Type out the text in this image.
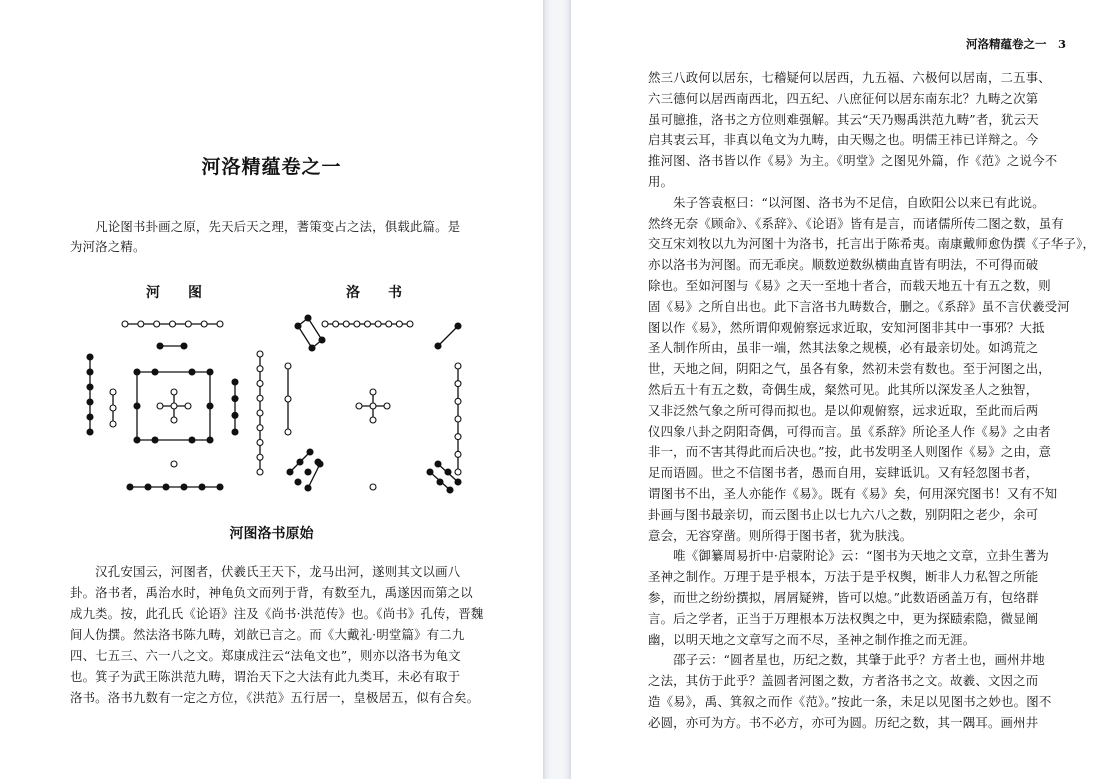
河洛精蕴卷之一
　　凡论图书卦画之原，先天后天之理，蓍策变占之法，俱载此篇。是
为河洛之精。
河　　图	洛　　书
河图洛书原始
　　汉孔安国云，河图者，伏羲氏王天下，龙马出河，遂则其文以画八
卦。洛书者，禹治水时，神龟负文而列于背，有数至九，禹遂因而第之以
成九类。按，此孔氏《论语》注及《尚书·洪范传》也。《尚书》孔传，晋魏
间人伪撰。然法洛书陈九畴，刘歆已言之。而《大戴礼·明堂篇》有二九
四、七五三、六一八之文。郑康成注云“法龟文也”，则亦以洛书为龟文
也。箕子为武王陈洪范九畴，谓治天下之大法有此九类耳，未必有取于
洛书。洛书九数有一定之方位，《洪范》五行居一，皇极居五，似有合矣。
河洛精蕴卷之一　3
然三八政何以居东，七稽疑何以居西，九五福、六极何以居南，二五事、
六三德何以居西南西北，四五纪、八庶征何以居东南东北？九畴之次第
虽可臆推，洛书之方位则难强解。其云“天乃赐禹洪范九畴”者，犹云天
启其衷云耳，非真以龟文为九畴，由天赐之也。明儒王祎已详辩之。今
推河图、洛书皆以作《易》为主。《明堂》之图见外篇，作《范》之说今不
用。
　　朱子答袁枢曰：“以河图、洛书为不足信，自欧阳公以来已有此说。
然终无奈《顾命》、《系辞》、《论语》皆有是言，而诸儒所传二图之数，虽有
交互宋刘牧以九为河图十为洛书，托言出于陈希夷。南康戴师愈伪撰《子华子》，
亦以洛书为河图。而无乖戾。顺数逆数纵横曲直皆有明法，不可得而破
除也。至如河图与《易》之天一至地十者合，而载天地五十有五之数，则
固《易》之所自出也。此下言洛书九畴数合，删之。《系辞》虽不言伏羲受河
图以作《易》，然所谓仰观俯察远求近取，安知河图非其中一事邪？大抵
圣人制作所由，虽非一端，然其法象之规模，必有最亲切处。如鸿荒之
世，天地之间，阴阳之气，虽各有象，然初未尝有数也。至于河图之出，
然后五十有五之数，奇偶生成，粲然可见。此其所以深发圣人之独智，
又非泛然气象之所可得而拟也。是以仰观俯察，远求近取，至此而后两
仪四象八卦之阴阳奇偶，可得而言。虽《系辞》所论圣人作《易》之由者
非一，而不害其得此而后决也。”按，此书发明圣人则图作《易》之由，意
足而语圆。世之不信图书者，愚而自用，妄肆诋讥。又有轻忽图书者，
谓图书不出，圣人亦能作《易》。既有《易》矣，何用深究图书！又有不知
卦画与图书最亲切，而云图书止以七九六八之数，别阴阳之老少，余可
意会，无容穿凿。则所得于图书者，犹为肤浅。
　　唯《御纂周易折中·启蒙附论》云：“图书为天地之文章，立卦生蓍为
圣神之制作。万理于是乎根本，万法于是乎权舆，断非人力私智之所能
参，而世之纷纷撰拟，屑屑疑辨，皆可以熄。”此数语函盖万有，包络群
言。后之学者，正当于万理根本万法权舆之中，更为探赜索隐，微显阐
幽，以明天地之文章写之而不尽，圣神之制作推之而无涯。
　　邵子云：“圆者星也，历纪之数，其肇于此乎？方者土也，画州井地
之法，其仿于此乎？盖圆者河图之数，方者洛书之文。故羲、文因之而
造《易》，禹、箕叙之而作《范》。”按此一条，未足以见图书之妙也。图不
必圆，亦可为方。书不必方，亦可为圆。历纪之数，其一隅耳。画州井
